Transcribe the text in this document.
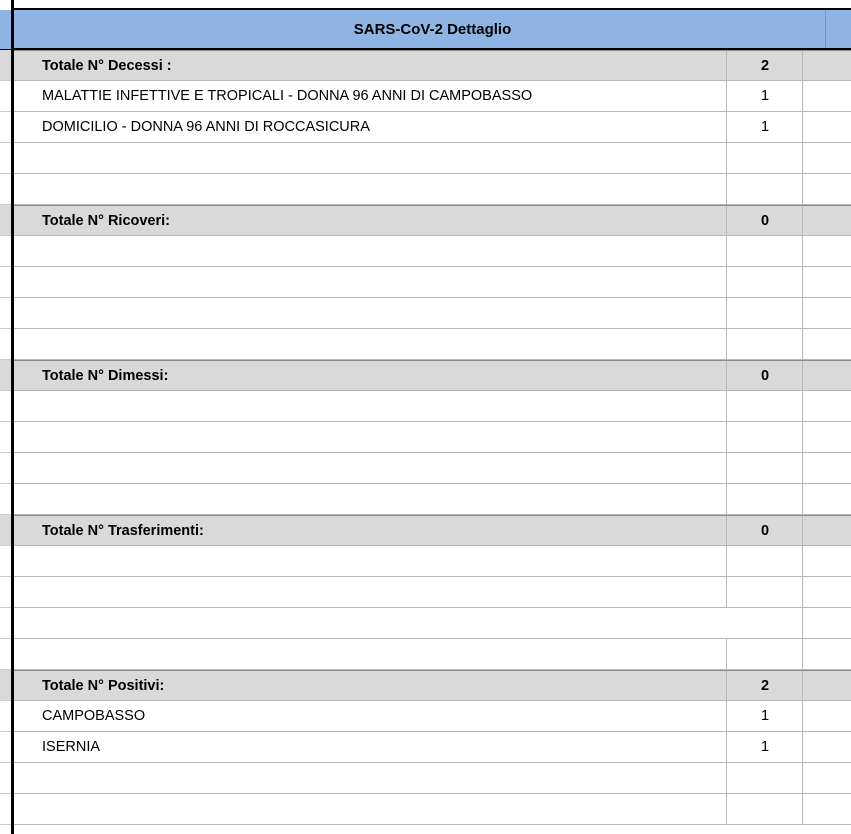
SARS-CoV-2 Dettaglio
Totale N° Decessi :	2
MALATTIE INFETTIVE E TROPICALI - DONNA 96 ANNI DI CAMPOBASSO	1
DOMICILIO - DONNA 96 ANNI DI ROCCASICURA	1
Totale N° Ricoveri:	0
Totale N° Dimessi:	0
Totale N° Trasferimenti:	0
Totale N° Positivi:	2
CAMPOBASSO	1
ISERNIA	1
